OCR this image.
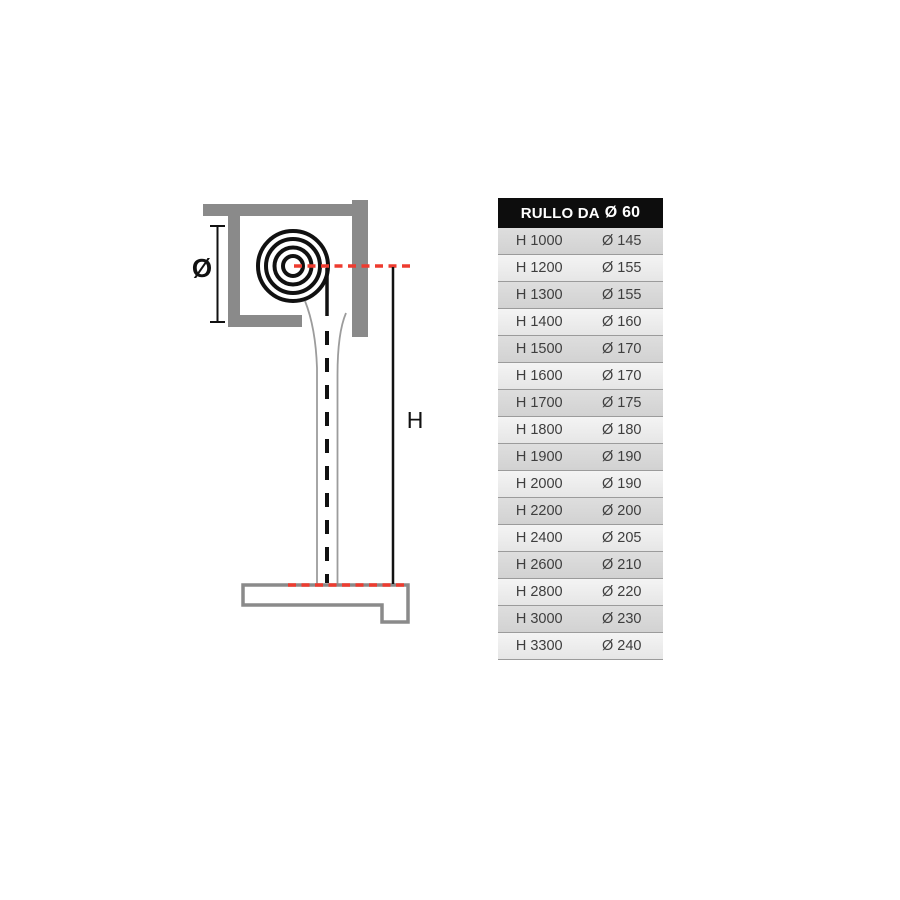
Ø
H
RULLO DA Ø 60
H 1000	Ø 145
H 1200	Ø 155
H 1300	Ø 155
H 1400	Ø 160
H 1500	Ø 170
H 1600	Ø 170
H 1700	Ø 175
H 1800	Ø 180
H 1900	Ø 190
H 2000	Ø 190
H 2200	Ø 200
H 2400	Ø 205
H 2600	Ø 210
H 2800	Ø 220
H 3000	Ø 230
H 3300	Ø 240
